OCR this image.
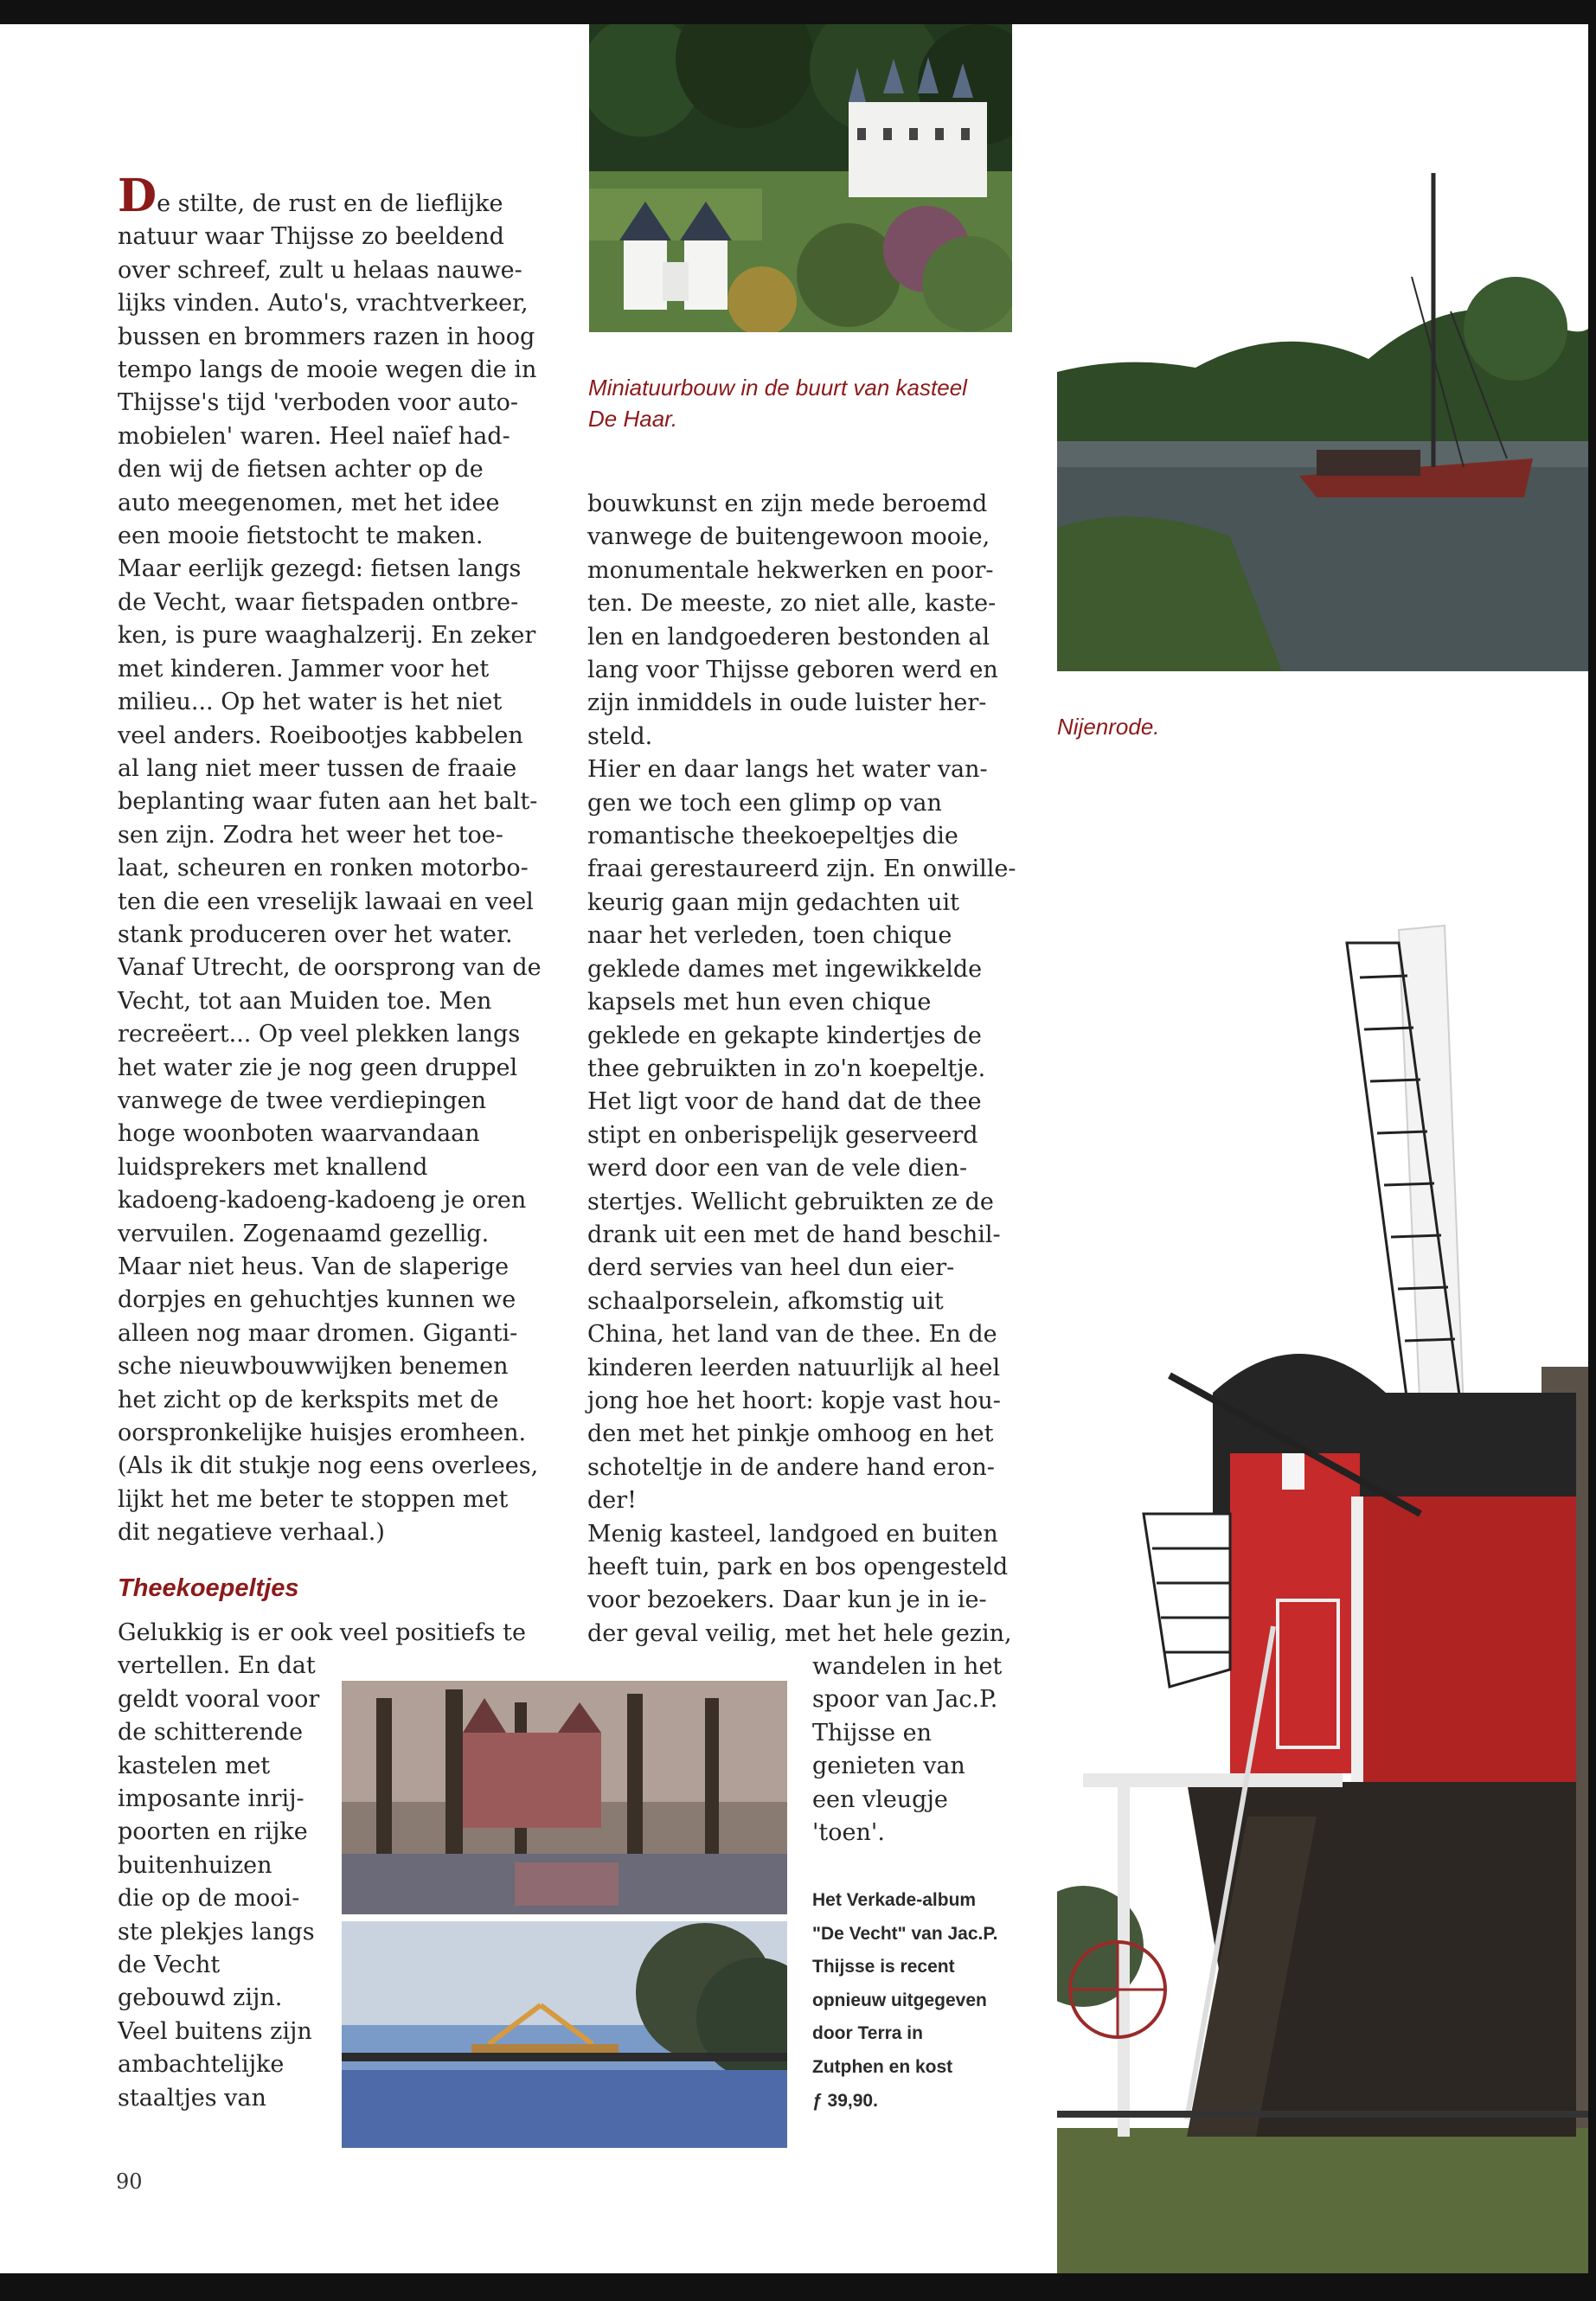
De stilte, de rust en de lieflijke

natuur waar Thijsse zo beeldend
over schreef, zult u helaas nauwe-
lijks vinden. Auto's, vrachtverkeer,
bussen en brommers razen in hoog
tempo langs de mooie wegen die in
Thijsse's tijd 'verboden voor auto-
mobielen' waren. Heel naïef had-
den wij de fietsen achter op de
auto meegenomen, met het idee
een mooie fietstocht te maken.
Maar eerlijk gezegd: fietsen langs
de Vecht, waar fietspaden ontbre-
ken, is pure waaghalzerij. En zeker
met kinderen. Jammer voor het
milieu... Op het water is het niet
veel anders. Roeibootjes kabbelen
al lang niet meer tussen de fraaie
beplanting waar futen aan het balt-
sen zijn. Zodra het weer het toe-
laat, scheuren en ronken motorbo-
ten die een vreselijk lawaai en veel
stank produceren over het water.
Vanaf Utrecht, de oorsprong van de
Vecht, tot aan Muiden toe. Men
recreëert... Op veel plekken langs
het water zie je nog geen druppel
vanwege de twee verdiepingen
hoge woonboten waarvandaan
luidsprekers met knallend
kadoeng-kadoeng-kadoeng je oren
vervuilen. Zogenaamd gezellig.
Maar niet heus. Van de slaperige
dorpjes en gehuchtjes kunnen we
alleen nog maar dromen. Giganti-
sche nieuwbouwwijken benemen
het zicht op de kerkspits met de
oorspronkelijke huisjes eromheen.
(Als ik dit stukje nog eens overlees,
lijkt het me beter te stoppen met
dit negatieve verhaal.)
Theekoepeltjes
Gelukkig is er ook veel positiefs te
vertellen. En dat
geldt vooral voor
de schitterende
kastelen met
imposante inrij-
poorten en rijke
buitenhuizen
die op de mooi-
ste plekjes langs
de Vecht
gebouwd zijn.
Veel buitens zijn
ambachtelijke
staaltjes van
bouwkunst en zijn mede beroemd
vanwege de buitengewoon mooie,
monumentale hekwerken en poor-
ten. De meeste, zo niet alle, kaste-
len en landgoederen bestonden al
lang voor Thijsse geboren werd en
zijn inmiddels in oude luister her-
steld.
Hier en daar langs het water van-
gen we toch een glimp op van
romantische theekoepeltjes die
fraai gerestaureerd zijn. En onwille-
keurig gaan mijn gedachten uit
naar het verleden, toen chique
geklede dames met ingewikkelde
kapsels met hun even chique
geklede en gekapte kindertjes de
thee gebruikten in zo'n koepeltje.
Het ligt voor de hand dat de thee
stipt en onberispelijk geserveerd
werd door een van de vele dien-
stertjes. Wellicht gebruikten ze de
drank uit een met de hand beschil-
derd servies van heel dun eier-
schaalporselein, afkomstig uit
China, het land van de thee. En de
kinderen leerden natuurlijk al heel
jong hoe het hoort: kopje vast hou-
den met het pinkje omhoog en het
schoteltje in de andere hand eron-
der!
Menig kasteel, landgoed en buiten
heeft tuin, park en bos opengesteld
voor bezoekers. Daar kun je in ie-
der geval veilig, met het hele gezin,
wandelen in het
spoor van Jac.P.
Thijsse en
genieten van
een vleugje
'toen'.
Miniatuurbouw in de buurt van kasteel
De Haar.
Nijenrode.
Het Verkade-album
"De Vecht" van Jac.P.
Thijsse is recent
opnieuw uitgegeven
door Terra in
Zutphen en kost
ƒ 39,90.
90
